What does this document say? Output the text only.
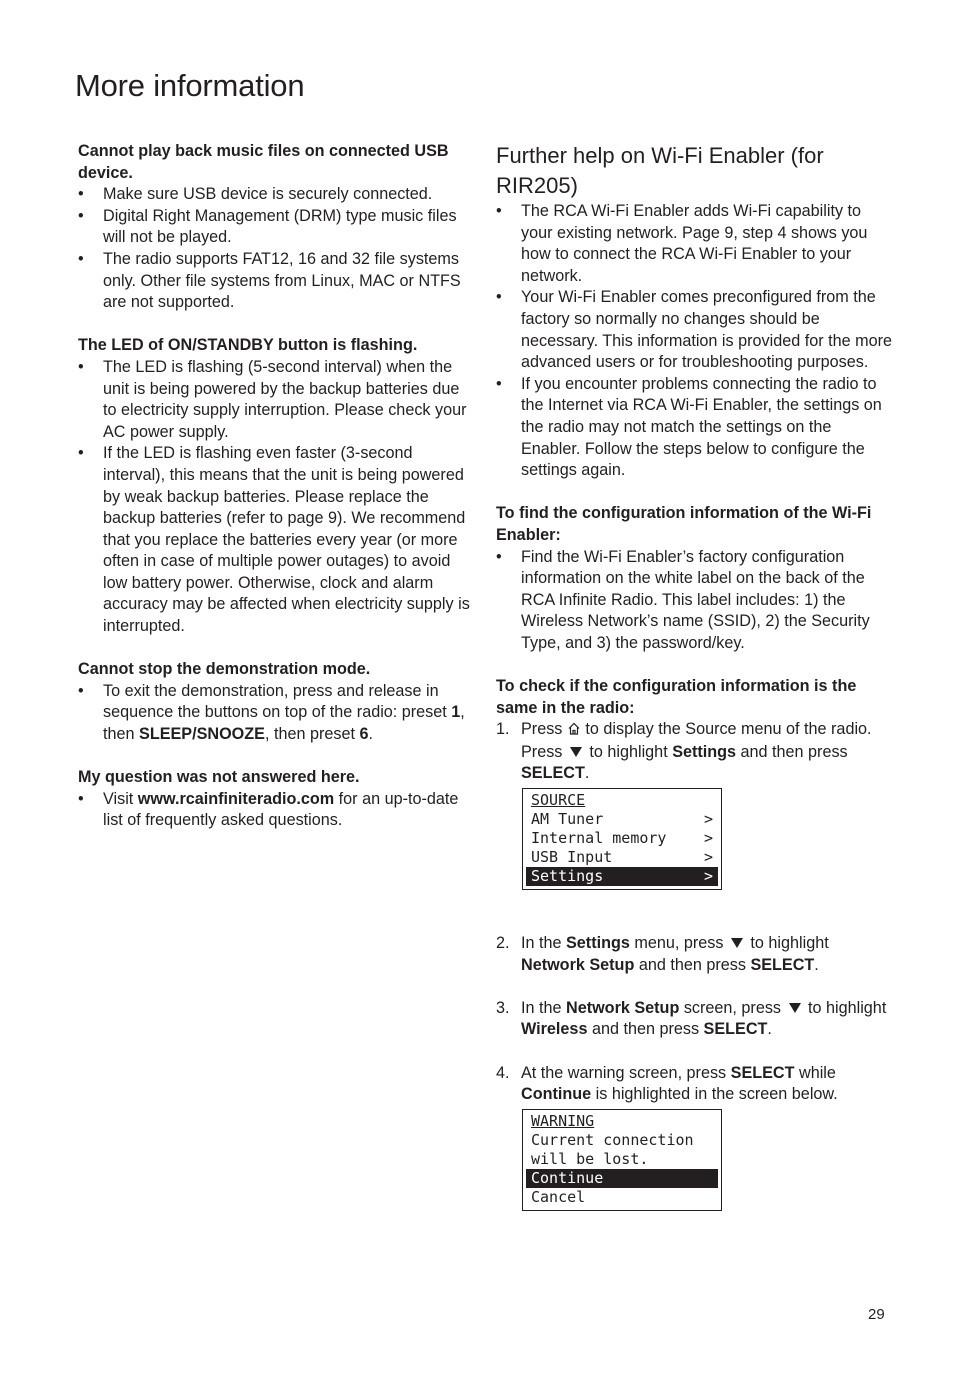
More information

Cannot play back music files on connected USB device.

• Make sure USB device is securely connected.
• Digital Right Management (DRM) type music files will not be played.
• The radio supports FAT12, 16 and 32 file systems only. Other file systems from Linux, MAC or NTFS are not supported.

The LED of ON/STANDBY button is flashing.

• The LED is flashing (5-second interval) when the unit is being powered by the backup batteries due to electricity supply interruption. Please check your AC power supply.
• If the LED is flashing even faster (3-second interval), this means that the unit is being powered by weak backup batteries. Please replace the backup batteries (refer to page 9). We recommend that you replace the batteries every year (or more often in case of multiple power outages) to avoid low battery power. Otherwise, clock and alarm accuracy may be affected when electricity supply is interrupted.

Cannot stop the demonstration mode.

• To exit the demonstration, press and release in sequence the buttons on top of the radio: preset 1, then SLEEP/SNOOZE, then preset 6.

My question was not answered here.

• Visit www.rcainfiniteradio.com for an up-to-date list of frequently asked questions.
Further help on Wi-Fi Enabler (for RIR205)
• The RCA Wi-Fi Enabler adds Wi-Fi capability to your existing network. Page 9, step 4 shows you how to connect the RCA Wi-Fi Enabler to your network.
• Your Wi-Fi Enabler comes preconfigured from the factory so normally no changes should be necessary. This information is provided for the more advanced users or for troubleshooting purposes.
• If you encounter problems connecting the radio to the Internet via RCA Wi-Fi Enabler, the settings on the radio may not match the settings on the Enabler. Follow the steps below to configure the settings again.

To find the configuration information of the Wi-Fi Enabler:

• Find the Wi-Fi Enabler’s factory configuration information on the white label on the back of the RCA Infinite Radio. This label includes: 1) the Wireless Network’s name (SSID), 2) the Security Type, and 3) the password/key.

To check if the configuration information is the same in the radio:

1. Press  to display the Source menu of the radio. Press  to highlight Settings and then press SELECT.
SOURCE
AM Tuner	>
Internal memory	>
USB Input	>
Settings	>
2. In the Settings menu, press  to highlight Network Setup and then press SELECT.
3. In the Network Setup screen, press  to highlight Wireless and then press SELECT.
4. At the warning screen, press SELECT while Continue is highlighted in the screen below.
WARNING
Current connection
will be lost.
Continue
Cancel
29
